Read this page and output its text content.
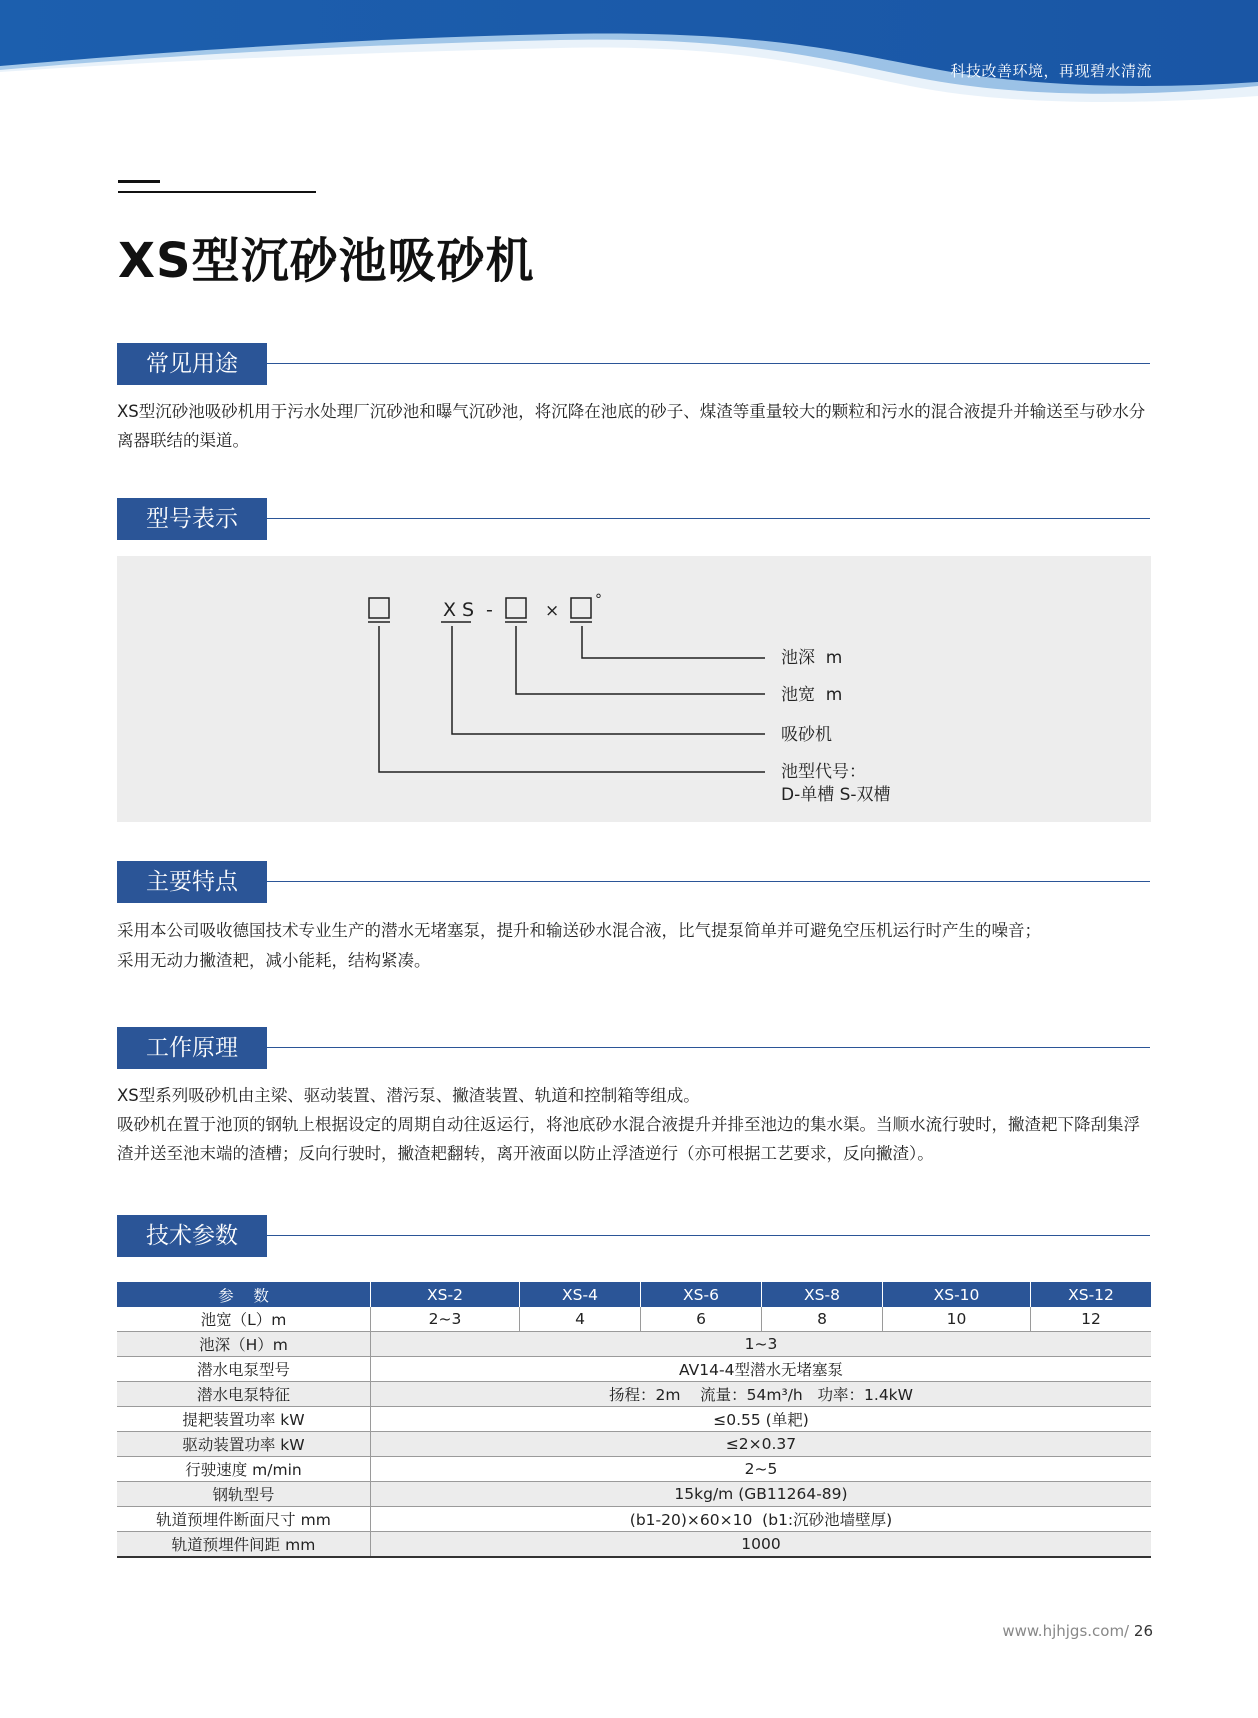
科技改善环境，再现碧水清流
XS型沉砂池吸砂机
常见用途

XS型沉砂池吸砂机用于污水处理厂沉砂池和曝气沉砂池，将沉降在池底的砂子、煤渣等重量较大的颗粒和污水的混合液提升并输送至与砂水分离器联结的渠道。

型号表示
XS -	×
°
池深  m
池宽  m
吸砂机
池型代号：
D-单槽 S-双槽
主要特点

采用本公司吸收德国技术专业生产的潜水无堵塞泵，提升和输送砂水混合液，比气提泵简单并可避免空压机运行时产生的噪音；

采用无动力撇渣耙，减小能耗，结构紧凑。

工作原理

XS型系列吸砂机由主梁、驱动装置、潜污泵、撇渣装置、轨道和控制箱等组成。

吸砂机在置于池顶的钢轨上根据设定的周期自动往返运行，将池底砂水混合液提升并排至池边的集水渠。当顺水流行驶时，撇渣耙下降刮集浮渣并送至池末端的渣槽；反向行驶时，撇渣耙翻转，离开液面以防止浮渣逆行（亦可根据工艺要求，反向撇渣）。

技术参数
参    数	XS-2	XS-4	XS-6	XS-8	XS-10	XS-12
池宽（L）m	2~3	4	6	8	10	12
池深（H）m	1~3					
潜水电泵型号	AV14-4型潜水无堵塞泵					
潜水电泵特征	扬程：2m    流量：54m³/h   功率：1.4kW					
提耙装置功率 kW	≤0.55 (单耙)					
驱动装置功率 kW	≤2×0.37					
行驶速度 m/min	2~5					
钢轨型号	15kg/m (GB11264-89)					
轨道预埋件断面尺寸 mm	(b1-20)×60×10  (b1:沉砂池墙壁厚)					
轨道预埋件间距 mm	1000					
www.hjhjgs.com/ 26
